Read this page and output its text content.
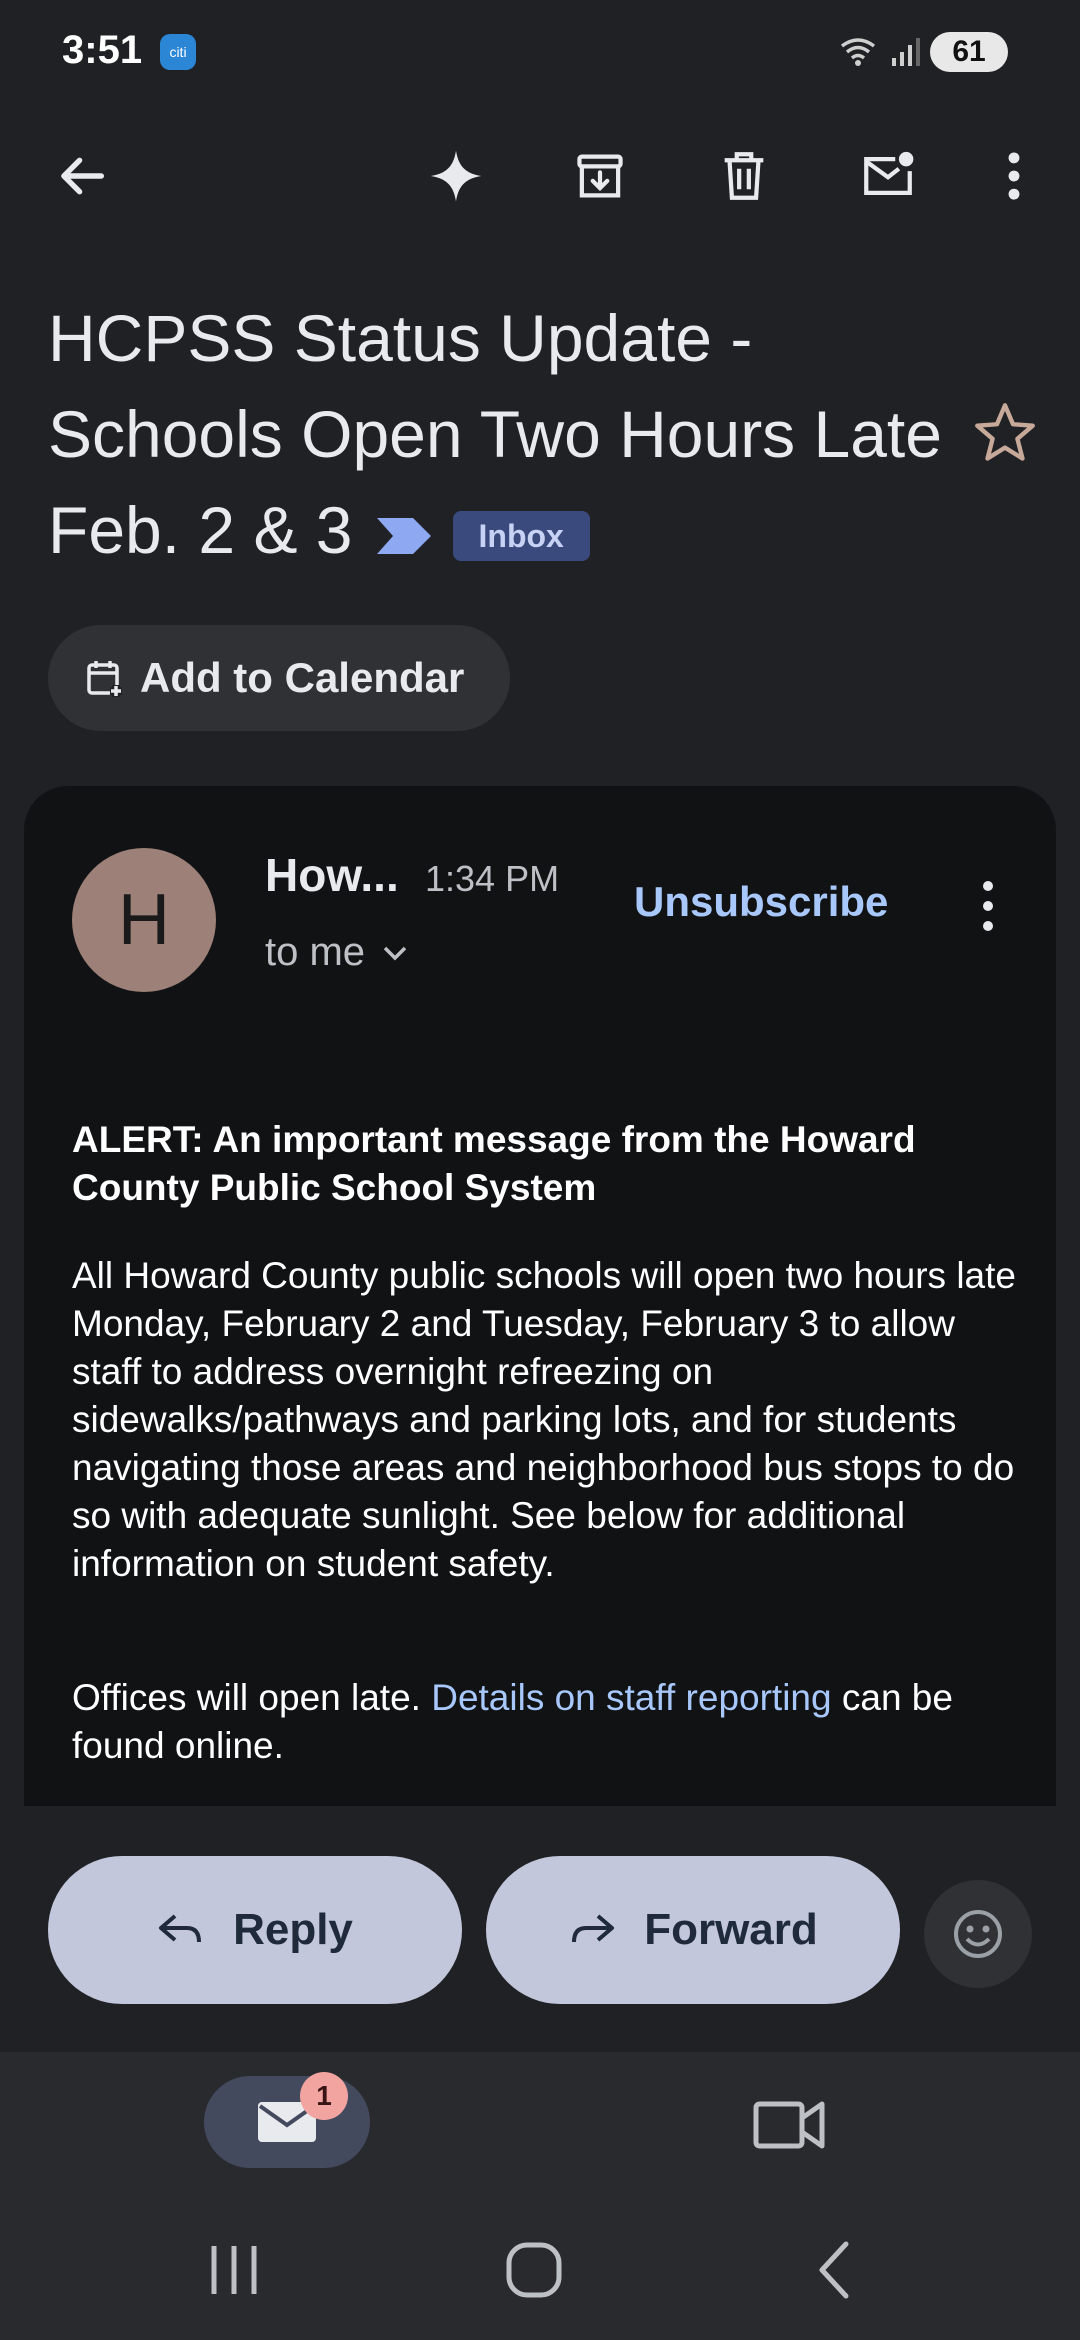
3:51	citi	61
HCPSS Status Update -
Schools Open Two Hours Late
Feb. 2 & 3	Inbox
Add to Calendar
H
How... 1:34 PM
to me
Unsubscribe
ALERT: An important message from the Howard County Public School System
All Howard County public schools will open two hours late Monday, February 2 and Tuesday, February 3 to allow staff to address overnight refreezing on sidewalks/pathways and parking lots, and for students navigating those areas and neighborhood bus stops to do so with adequate sunlight. See below for additional information on student safety.
Offices will open late. Details on staff reporting can be found online.
Reply	Forward
1
